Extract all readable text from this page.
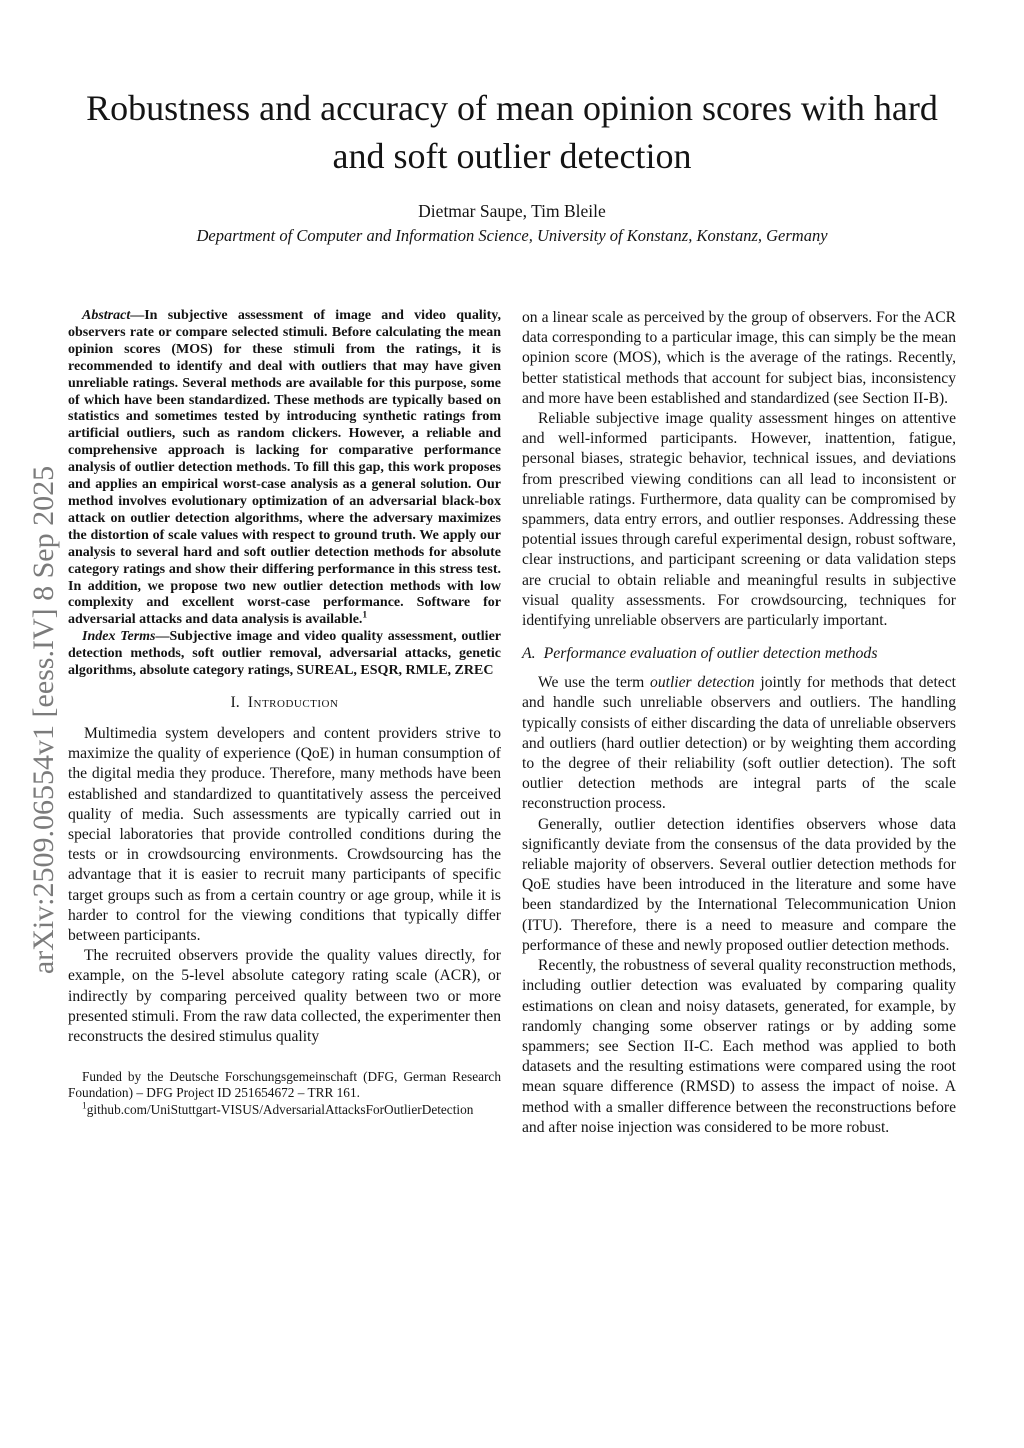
arXiv:2509.06554v1 [eess.IV] 8 Sep 2025
Robustness and accuracy of mean opinion scores with hard and soft outlier detection
Dietmar Saupe, Tim Bleile
Department of Computer and Information Science, University of Konstanz, Konstanz, Germany

Abstract—In subjective assessment of image and video quality, observers rate or compare selected stimuli. Before calculating the mean opinion scores (MOS) for these stimuli from the ratings, it is recommended to identify and deal with outliers that may have given unreliable ratings. Several methods are available for this purpose, some of which have been standardized. These methods are typically based on statistics and sometimes tested by introducing synthetic ratings from artificial outliers, such as random clickers. However, a reliable and comprehensive approach is lacking for comparative performance analysis of outlier detection methods. To fill this gap, this work proposes and applies an empirical worst-case analysis as a general solution. Our method involves evolutionary optimization of an adversarial black-box attack on outlier detection algorithms, where the adversary maximizes the distortion of scale values with respect to ground truth. We apply our analysis to several hard and soft outlier detection methods for absolute category ratings and show their differing performance in this stress test. In addition, we propose two new outlier detection methods with low complexity and excellent worst-case performance. Software for adversarial attacks and data analysis is available.$^1$

Index Terms—Subjective image and video quality assessment, outlier detection methods, soft outlier removal, adversarial attacks, genetic algorithms, absolute category ratings, SUREAL, ESQR, RMLE, ZREC

I. Introduction

Multimedia system developers and content providers strive to maximize the quality of experience (QoE) in human consumption of the digital media they produce. Therefore, many methods have been established and standardized to quantitatively assess the perceived quality of media. Such assessments are typically carried out in special laboratories that provide controlled conditions during the tests or in crowdsourcing environments. Crowdsourcing has the advantage that it is easier to recruit many participants of specific target groups such as from a certain country or age group, while it is harder to control for the viewing conditions that typically differ between participants.

The recruited observers provide the quality values directly, for example, on the 5-level absolute category rating scale (ACR), or indirectly by comparing perceived quality between two or more presented stimuli. From the raw data collected, the experimenter then reconstructs the desired stimulus quality

Funded by the Deutsche Forschungsgemeinschaft (DFG, German Research Foundation) – DFG Project ID 251654672 – TRR 161.
$^1$github.com/UniStuttgart-VISUS/AdversarialAttacksForOutlierDetection

on a linear scale as perceived by the group of observers. For the ACR data corresponding to a particular image, this can simply be the mean opinion score (MOS), which is the average of the ratings. Recently, better statistical methods that account for subject bias, inconsistency and more have been established and standardized (see Section II-B).

Reliable subjective image quality assessment hinges on attentive and well-informed participants. However, inattention, fatigue, personal biases, strategic behavior, technical issues, and deviations from prescribed viewing conditions can all lead to inconsistent or unreliable ratings. Furthermore, data quality can be compromised by spammers, data entry errors, and outlier responses. Addressing these potential issues through careful experimental design, robust software, clear instructions, and participant screening or data validation steps are crucial to obtain reliable and meaningful results in subjective visual quality assessments. For crowdsourcing, techniques for identifying unreliable observers are particularly important.

A. Performance evaluation of outlier detection methods

We use the term outlier detection jointly for methods that detect and handle such unreliable observers and outliers. The handling typically consists of either discarding the data of unreliable observers and outliers (hard outlier detection) or by weighting them according to the degree of their reliability (soft outlier detection). The soft outlier detection methods are integral parts of the scale reconstruction process.

Generally, outlier detection identifies observers whose data significantly deviate from the consensus of the data provided by the reliable majority of observers. Several outlier detection methods for QoE studies have been introduced in the literature and some have been standardized by the International Telecommunication Union (ITU). Therefore, there is a need to measure and compare the performance of these and newly proposed outlier detection methods.

Recently, the robustness of several quality reconstruction methods, including outlier detection was evaluated by comparing quality estimations on clean and noisy datasets, generated, for example, by randomly changing some observer ratings or by adding some spammers; see Section II-C. Each method was applied to both datasets and the resulting estimations were compared using the root mean square difference (RMSD) to assess the impact of noise. A method with a smaller difference between the reconstructions before and after noise injection was considered to be more robust.
